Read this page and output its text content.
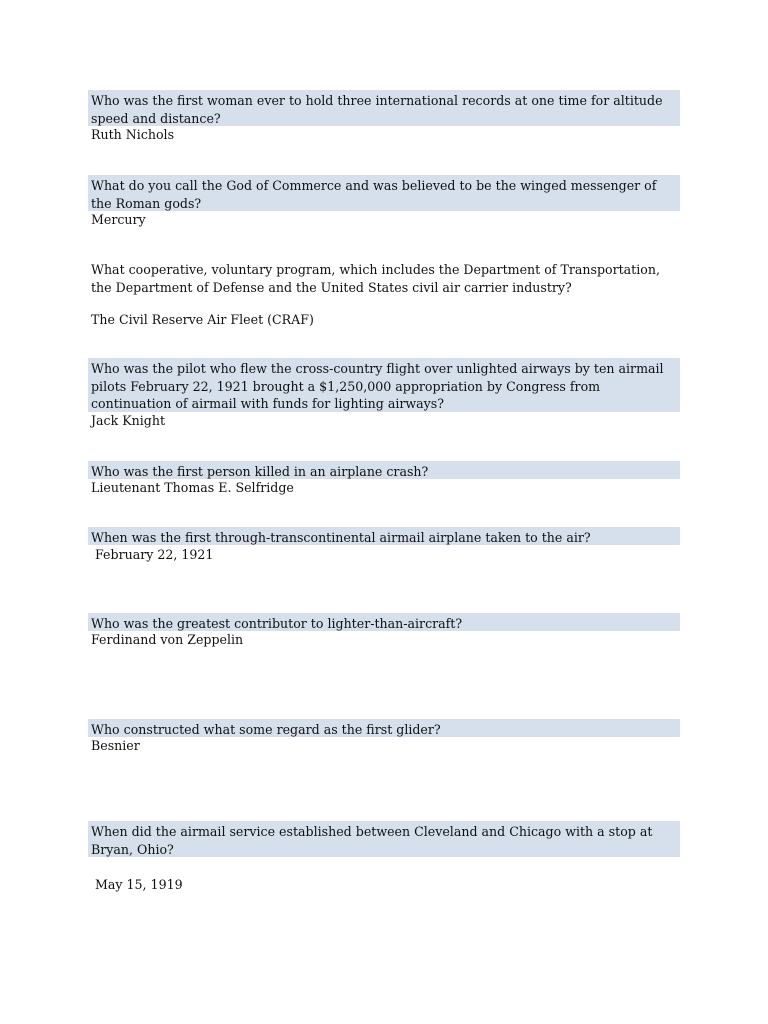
Who was the first woman ever to hold three international records at one time for altitude speed and distance?
Ruth Nichols
What do you call the God of Commerce and was believed to be the winged messenger of the Roman gods?
Mercury
What cooperative, voluntary program, which includes the Department of Transportation, the Department of Defense and the United States civil air carrier industry?
The Civil Reserve Air Fleet (CRAF)
Who was the pilot who flew the cross-country flight over unlighted airways by ten airmail pilots February 22, 1921 brought a $1,250,000 appropriation by Congress from continuation of airmail with funds for lighting airways?
Jack Knight
Who was the first person killed in an airplane crash?
Lieutenant Thomas E. Selfridge
When was the first through-transcontinental airmail airplane taken to the air?
February 22, 1921
Who was the greatest contributor to lighter-than-aircraft?
Ferdinand von Zeppelin
Who constructed what some regard as the first glider?
Besnier
When did the airmail service established between Cleveland and Chicago with a stop at Bryan, Ohio?
May 15, 1919
